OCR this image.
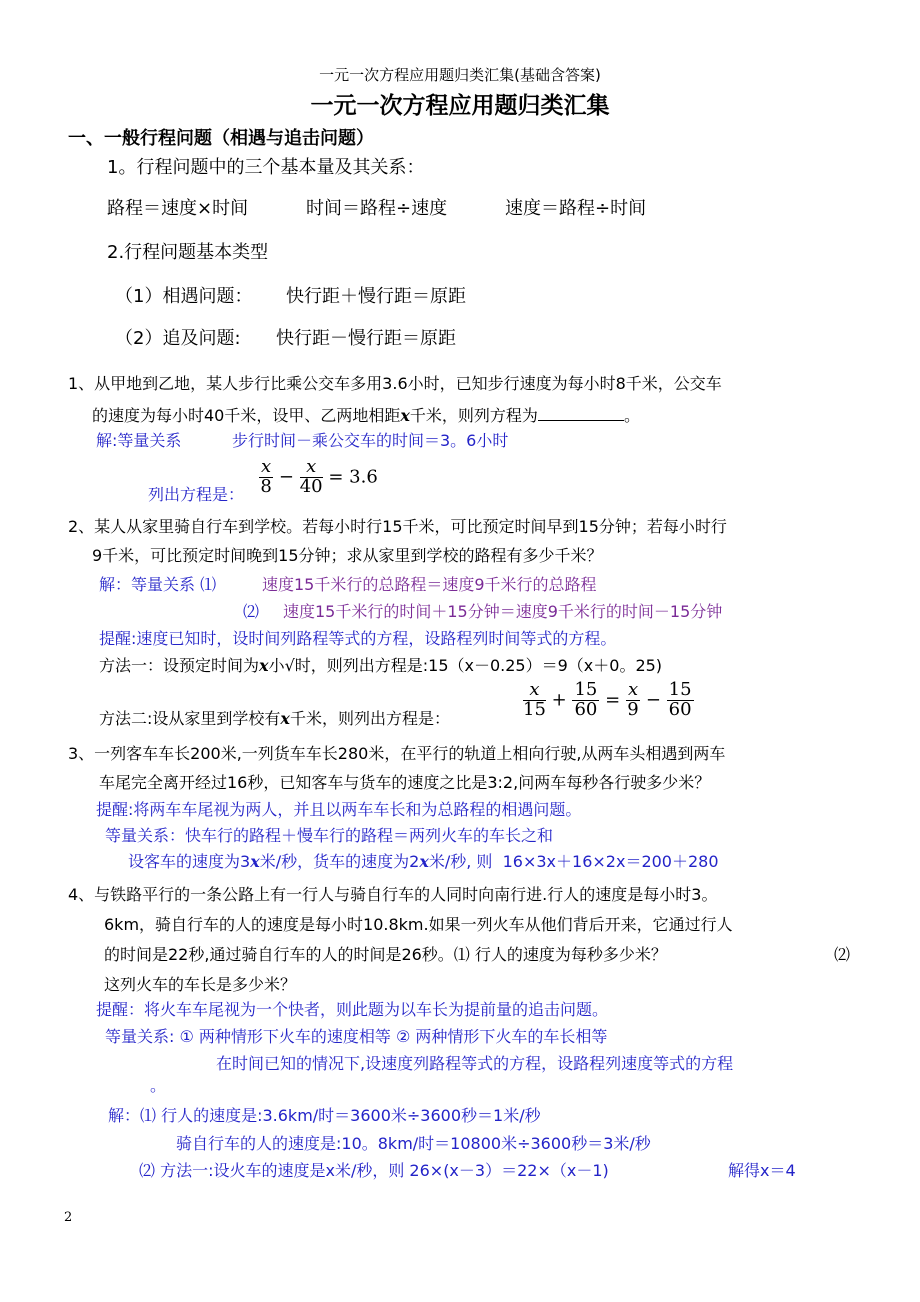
一元一次方程应用题归类汇集(基础含答案)
一元一次方程应用题归类汇集
一、一般行程问题（相遇与追击问题）
1。行程问题中的三个基本量及其关系：
路程＝速度×时间	时间＝路程÷速度	速度＝路程÷时间
2.行程问题基本类型
（1）相遇问题： 快行距＋慢行距＝原距
（2）追及问题: 快行距－慢行距＝原距
1、从甲地到乙地，某人步行比乘公交车多用3.6小时，已知步行速度为每小时8千米，公交车
的速度为每小时40千米，设甲、乙两地相距x千米，则列方程为	。
解:等量关系	步行时间－乘公交车的时间＝3。6小时
列出方程是： $\frac{x}{8} - \frac{x}{40} = 3.6$
2、某人从家里骑自行车到学校。若每小时行15千米，可比预定时间早到15分钟；若每小时行
9千米，可比预定时间晚到15分钟；求从家里到学校的路程有多少千米？
解：等量关系 ⑴	速度15千米行的总路程＝速度9千米行的总路程
⑵ 速度15千米行的时间＋15分钟＝速度9千米行的时间－15分钟
提醒:速度已知时，设时间列路程等式的方程，设路程列时间等式的方程。
方法一：设预定时间为x小√时，则列出方程是:15（x－0.25）＝9（x＋0。25)
方法二:设从家里到学校有x千米，则列出方程是：	$\frac{x}{15} + \frac{15}{60} = \frac{x}{9} - \frac{15}{60}$
3、一列客车车长200米,一列货车车长280米，在平行的轨道上相向行驶,从两车头相遇到两车
车尾完全离开经过16秒，已知客车与货车的速度之比是3:2,问两车每秒各行驶多少米？
提醒:将两车车尾视为两人，并且以两车车长和为总路程的相遇问题。
等量关系：快车行的路程＋慢车行的路程＝两列火车的车长之和
设客车的速度为3x米/秒，货车的速度为2x米/秒, 则 16×3x＋16×2x＝200＋280
4、与铁路平行的一条公路上有一行人与骑自行车的人同时向南行进.行人的速度是每小时3。
6km，骑自行车的人的速度是每小时10.8km.如果一列火车从他们背后开来，它通过行人
的时间是22秒,通过骑自行车的人的时间是26秒。⑴ 行人的速度为每秒多少米？	⑵
这列火车的车长是多少米？
提醒：将火车车尾视为一个快者，则此题为以车长为提前量的追击问题。
等量关系: ① 两种情形下火车的速度相等 ② 两种情形下火车的车长相等
在时间已知的情况下,设速度列路程等式的方程，设路程列速度等式的方程
。
解：⑴ 行人的速度是:3.6km/时＝3600米÷3600秒＝1米/秒
骑自行车的人的速度是:10。8km/时＝10800米÷3600秒＝3米/秒
⑵ 方法一:设火车的速度是x米/秒，则 26×(x－3）＝22×（x－1)	解得x＝4
2
